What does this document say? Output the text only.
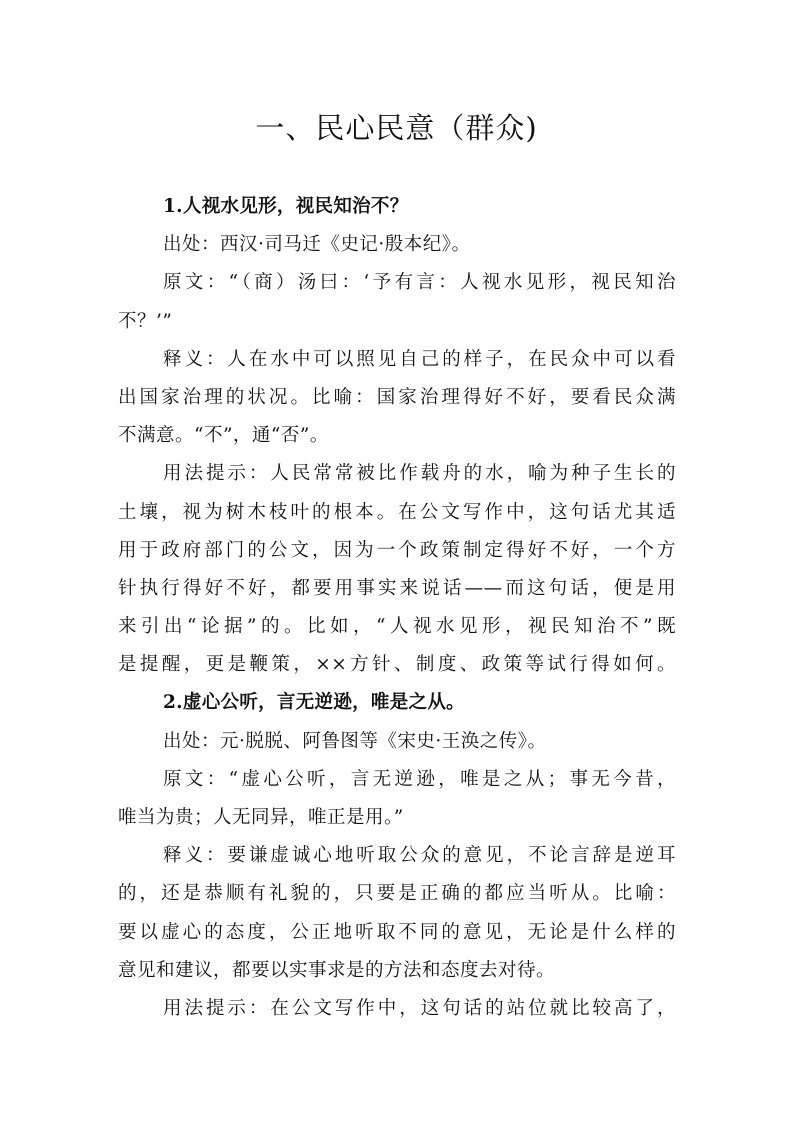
一、民心民意（群众)
1.人视水见形，视民知治不？
出处：西汉·司马迁《史记·殷本纪》。
原文：“（商）汤曰：‘予有言：人视水见形，视民知治
不？’”
释义：人在水中可以照见自己的样子，在民众中可以看
出国家治理的状况。比喻：国家治理得好不好，要看民众满
不满意。“不”，通“否”。
用法提示：人民常常被比作载舟的水，喻为种子生长的
土壤，视为树木枝叶的根本。在公文写作中，这句话尤其适
用于政府部门的公文，因为一个政策制定得好不好，一个方
针执行得好不好，都要用事实来说话——而这句话，便是用
来引出“论据”的。比如，“人视水见形，视民知治不”既
是提醒，更是鞭策，××方针、制度、政策等试行得如何。
2.虚心公听，言无逆逊，唯是之从。
出处：元·脱脱、阿鲁图等《宋史·王涣之传》。
原文：“虚心公听，言无逆逊，唯是之从；事无今昔，
唯当为贵；人无同异，唯正是用。”
释义：要谦虚诚心地听取公众的意见，不论言辞是逆耳
的，还是恭顺有礼貌的，只要是正确的都应当听从。比喻：
要以虚心的态度，公正地听取不同的意见，无论是什么样的
意见和建议，都要以实事求是的方法和态度去对待。
用法提示：在公文写作中，这句话的站位就比较高了，
